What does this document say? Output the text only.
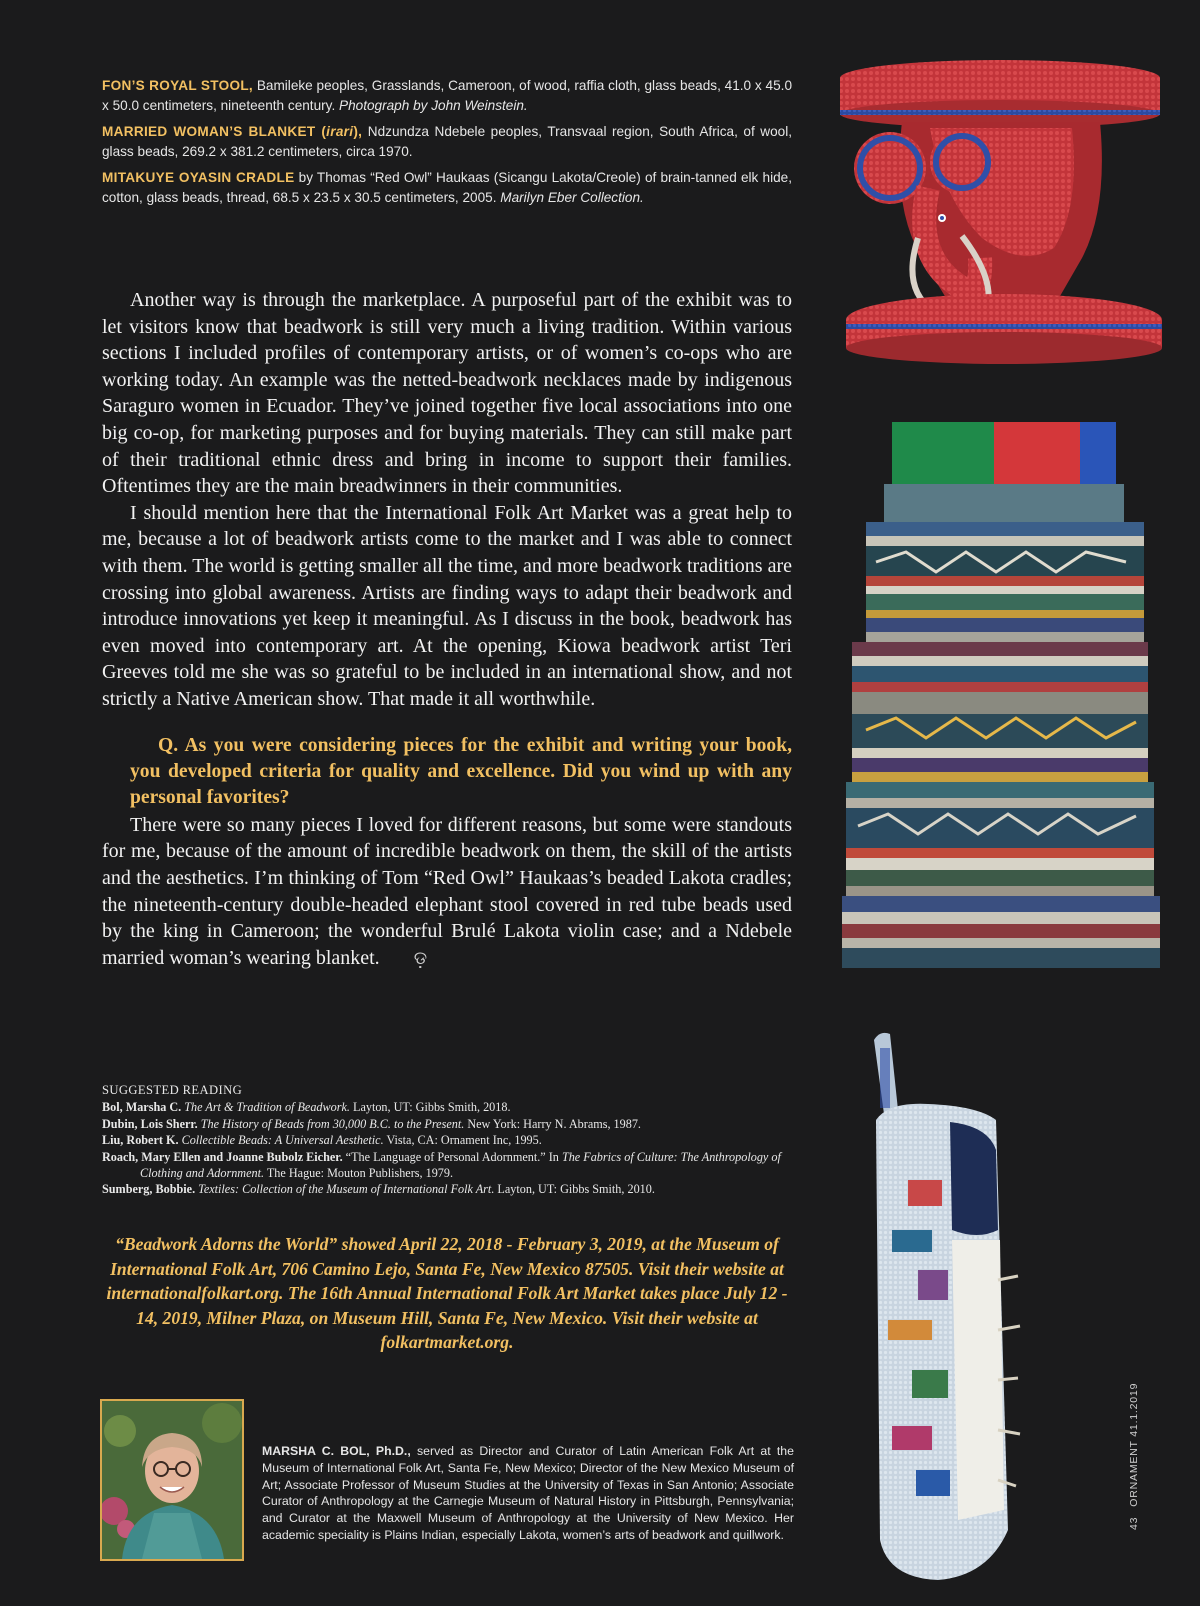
FON’S ROYAL STOOL, Bamileke peoples, Grasslands, Cameroon, of wood, raffia cloth, glass beads, 41.0 x 45.0 x 50.0 centimeters, nineteenth century. Photograph by John Weinstein.

MARRIED WOMAN’S BLANKET (irari), Ndzundza Ndebele peoples, Transvaal region, South Africa, of wool, glass beads, 269.2 x 381.2 centimeters, circa 1970.

MITAKUYE OYASIN CRADLE by Thomas “Red Owl” Haukaas (Sicangu Lakota/Creole) of brain-tanned elk hide, cotton, glass beads, thread, 68.5 x 23.5 x 30.5 centimeters, 2005. Marilyn Eber Collection.

Another way is through the marketplace. A purposeful part of the exhibit was to let visitors know that beadwork is still very much a living tradition. Within various sections I included profiles of contemporary artists, or of women’s co-ops who are working today. An example was the netted-beadwork necklaces made by indigenous Saraguro women in Ecuador. They’ve joined together five local associations into one big co-op, for marketing purposes and for buying materials. They can still make part of their traditional ethnic dress and bring in income to support their families. Oftentimes they are the main breadwinners in their communities.

I should mention here that the International Folk Art Market was a great help to me, because a lot of beadwork artists come to the market and I was able to connect with them. The world is getting smaller all the time, and more beadwork traditions are crossing into global awareness. Artists are finding ways to adapt their beadwork and introduce innovations yet keep it meaningful. As I discuss in the book, beadwork has even moved into contemporary art. At the opening, Kiowa beadwork artist Teri Greeves told me she was so grateful to be included in an international show, and not strictly a Native American show. That made it all worthwhile.

Q. As you were considering pieces for the exhibit and writing your book, you developed criteria for quality and excellence. Did you wind up with any personal favorites?

There were so many pieces I loved for different reasons, but some were standouts for me, because of the amount of incredible beadwork on them, the skill of the artists and the aesthetics. I’m thinking of Tom “Red Owl” Haukaas’s beaded Lakota cradles; the nineteenth-century double-headed elephant stool covered in red tube beads used by the king in Cameroon; the wonderful Brulé Lakota violin case; and a Ndebele married woman’s wearing blanket. ଡ଼

SUGGESTED READING
Bol, Marsha C. The Art & Tradition of Beadwork. Layton, UT: Gibbs Smith, 2018.
Dubin, Lois Sherr. The History of Beads from 30,000 B.C. to the Present. New York: Harry N. Abrams, 1987.
Liu, Robert K. Collectible Beads: A Universal Aesthetic. Vista, CA: Ornament Inc, 1995.
Roach, Mary Ellen and Joanne Bubolz Eicher. “The Language of Personal Adornment.” In The Fabrics of Culture: The Anthropology of Clothing and Adornment. The Hague: Mouton Publishers, 1979.
Sumberg, Bobbie. Textiles: Collection of the Museum of International Folk Art. Layton, UT: Gibbs Smith, 2010.

“Beadwork Adorns the World” showed April 22, 2018 - February 3, 2019, at the Museum of International Folk Art, 706 Camino Lejo, Santa Fe, New Mexico 87505. Visit their website at internationalfolkart.org. The 16th Annual International Folk Art Market takes place July 12 - 14, 2019, Milner Plaza, on Museum Hill, Santa Fe, New Mexico. Visit their website at folkartmarket.org.

MARSHA C. BOL, Ph.D., served as Director and Curator of Latin American Folk Art at the Museum of International Folk Art, Santa Fe, New Mexico; Director of the New Mexico Museum of Art; Associate Professor of Museum Studies at the University of Texas in San Antonio; Associate Curator of Anthropology at the Carnegie Museum of Natural History in Pittsburgh, Pennsylvania; and Curator at the Maxwell Museum of Anthropology at the University of New Mexico. Her academic speciality is Plains Indian, especially Lakota, women’s arts of beadwork and quillwork.

43ORNAMENT 41.1.2019
